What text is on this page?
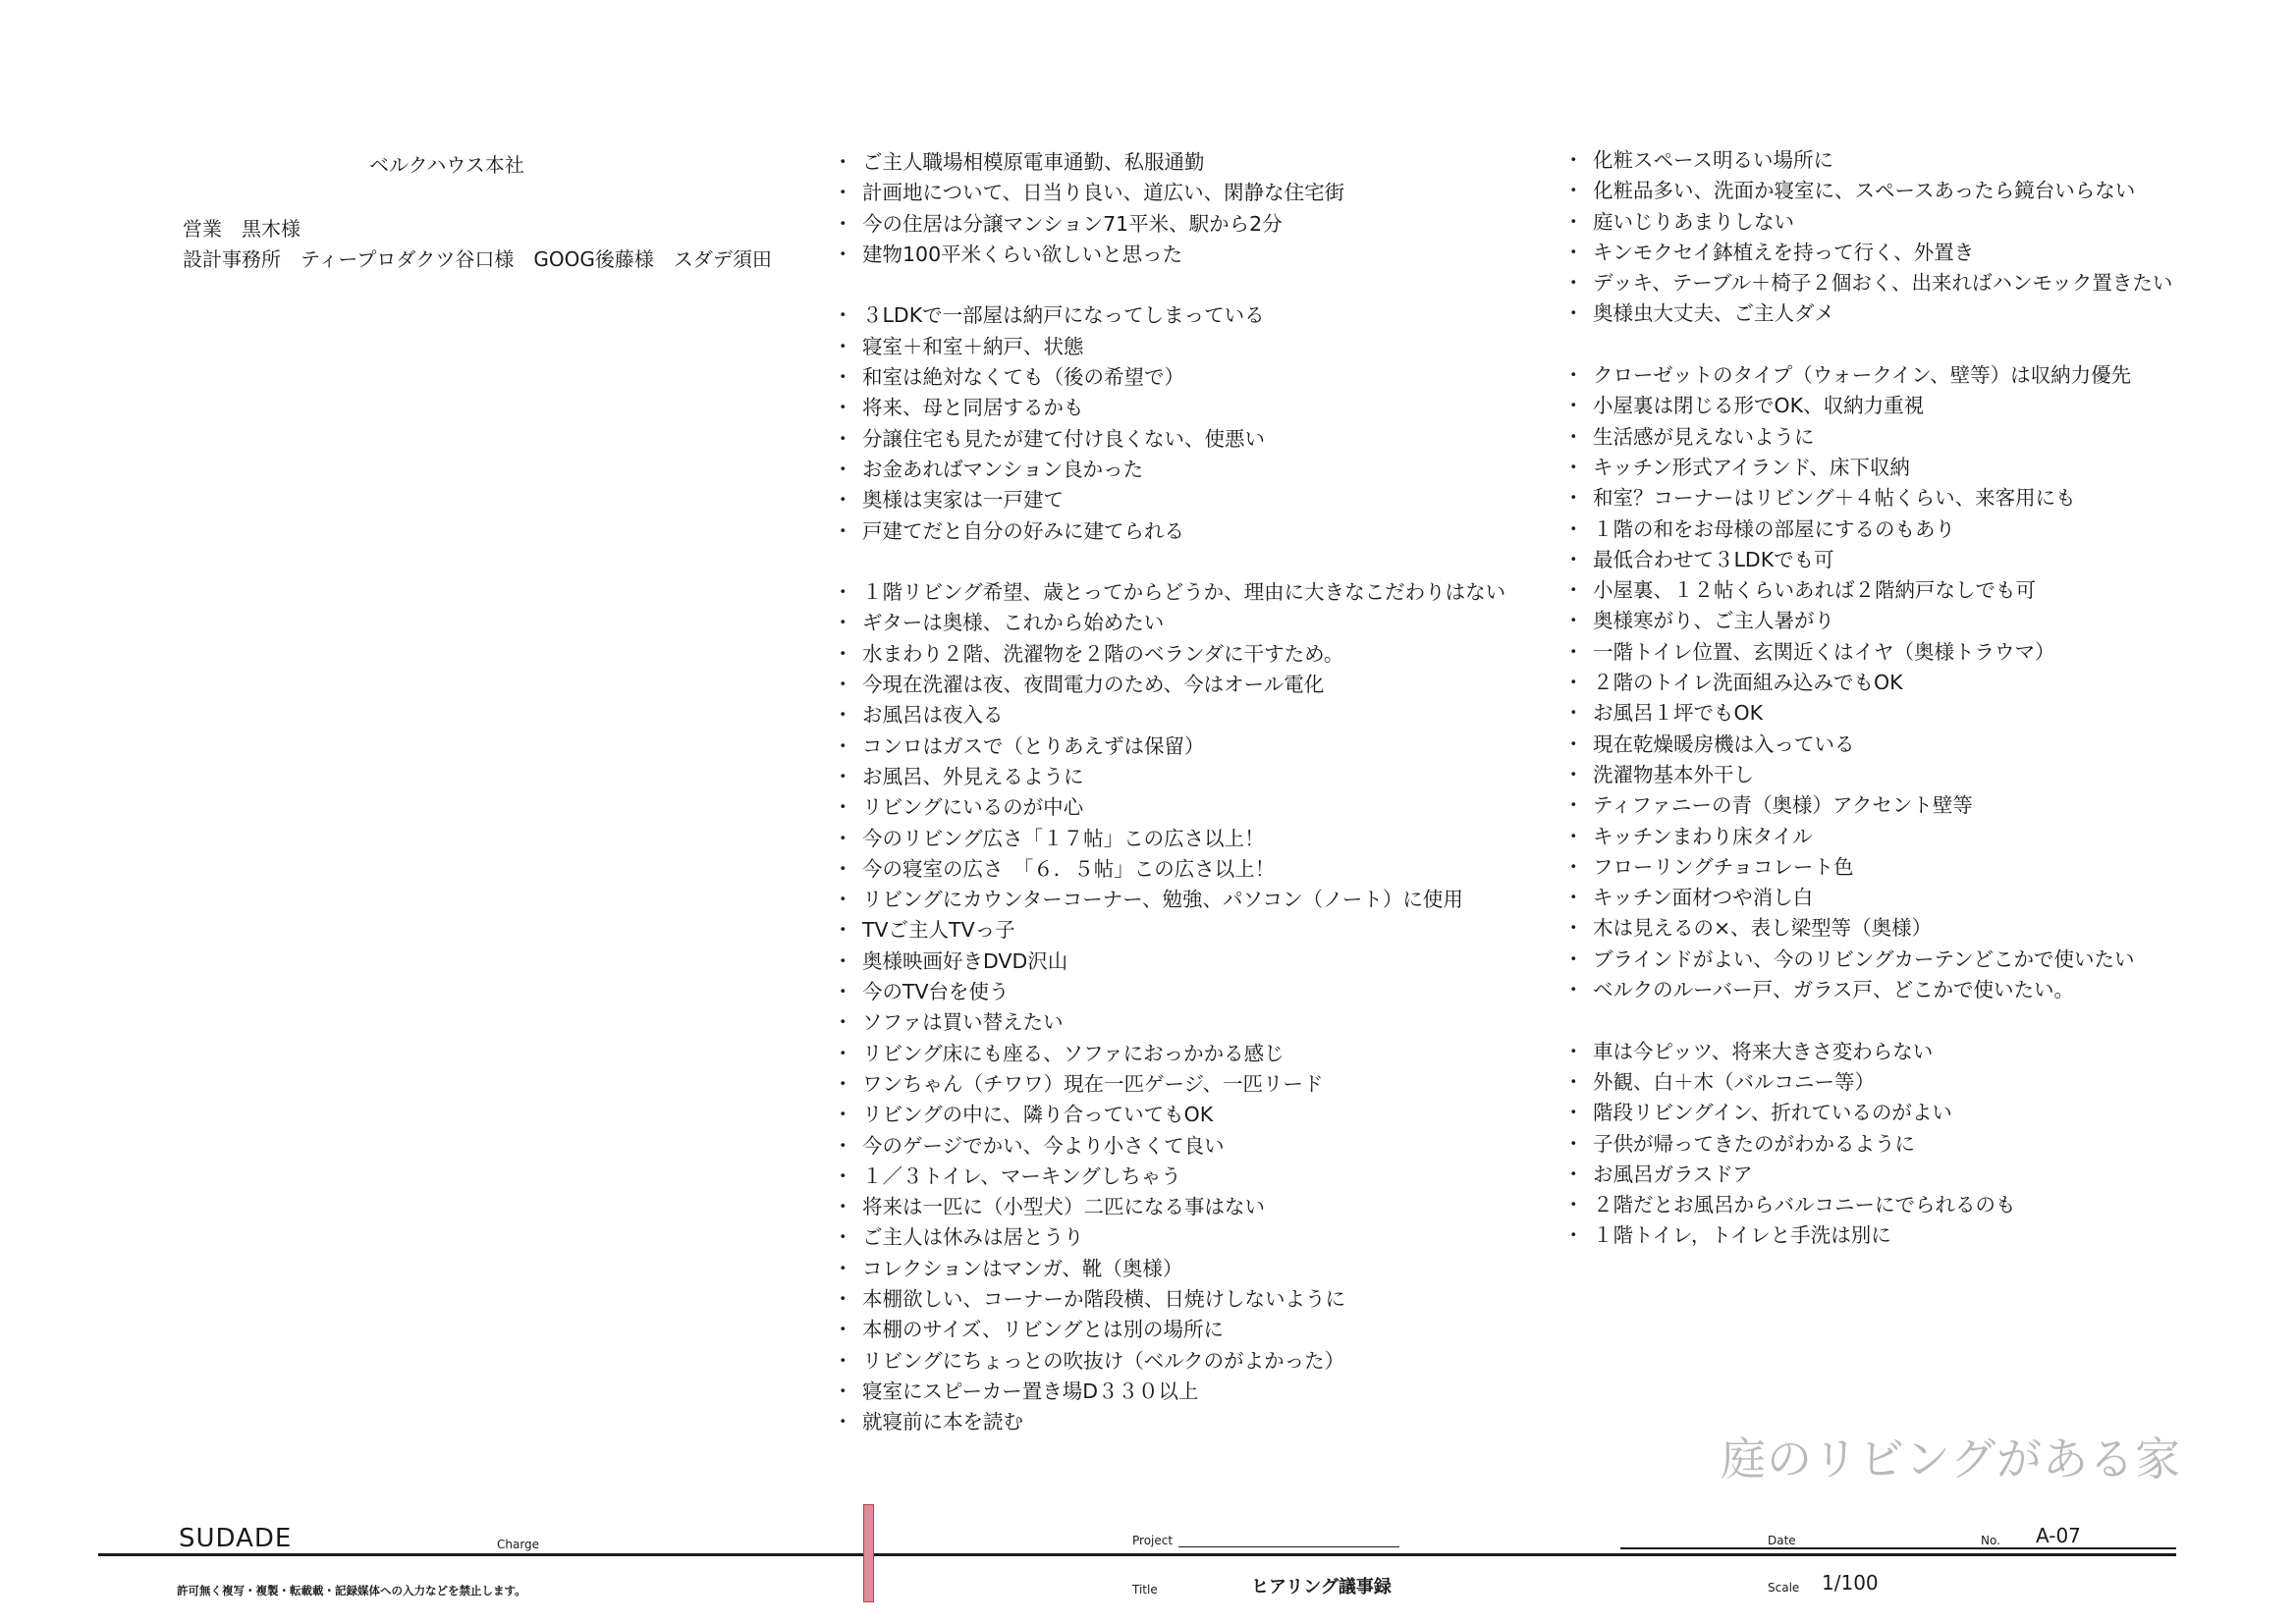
ベルクハウス本社
営業　黒木様
設計事務所　ティープロダクツ谷口様　GOOG後藤様　スダデ須田
・ ご主人職場相模原電車通勤、私服通勤
・ 計画地について、日当り良い、道広い、閑静な住宅街
・ 今の住居は分譲マンション71平米、駅から2分
・ 建物100平米くらい欲しいと思った
・ ３LDKで一部屋は納戸になってしまっている
・ 寝室＋和室＋納戸、状態
・ 和室は絶対なくても（後の希望で）
・ 将来、母と同居するかも
・ 分譲住宅も見たが建て付け良くない、使悪い
・ お金あればマンション良かった
・ 奥様は実家は一戸建て
・ 戸建てだと自分の好みに建てられる
・ １階リビング希望、歳とってからどうか、理由に大きなこだわりはない
・ ギターは奥様、これから始めたい
・ 水まわり２階、洗濯物を２階のベランダに干すため。
・ 今現在洗濯は夜、夜間電力のため、今はオール電化
・ お風呂は夜入る
・ コンロはガスで（とりあえずは保留）
・ お風呂、外見えるように
・ リビングにいるのが中心
・ 今のリビング広さ「１７帖」この広さ以上！
・ 今の寝室の広さ　「６．５帖」この広さ以上！
・ リビングにカウンターコーナー、勉強、パソコン（ノート）に使用
・ TVご主人TVっ子
・ 奥様映画好きDVD沢山
・ 今のTV台を使う
・ ソファは買い替えたい
・ リビング床にも座る、ソファにおっかかる感じ
・ ワンちゃん（チワワ）現在一匹ゲージ、一匹リード
・ リビングの中に、隣り合っていてもOK
・ 今のゲージでかい、今より小さくて良い
・ １／３トイレ、マーキングしちゃう
・ 将来は一匹に（小型犬）二匹になる事はない
・ ご主人は休みは居とうり
・ コレクションはマンガ、靴（奥様）
・ 本棚欲しい、コーナーか階段横、日焼けしないように
・ 本棚のサイズ、リビングとは別の場所に
・ リビングにちょっとの吹抜け（ベルクのがよかった）
・ 寝室にスピーカー置き場D３３０以上
・ 就寝前に本を読む
・ 化粧スペース明るい場所に
・ 化粧品多い、洗面か寝室に、スペースあったら鏡台いらない
・ 庭いじりあまりしない
・ キンモクセイ鉢植えを持って行く、外置き
・ デッキ、テーブル＋椅子２個おく、出来ればハンモック置きたい
・ 奥様虫大丈夫、ご主人ダメ
・ クローゼットのタイプ（ウォークイン、壁等）は収納力優先
・ 小屋裏は閉じる形でOK、収納力重視
・ 生活感が見えないように
・ キッチン形式アイランド、床下収納
・ 和室？コーナーはリビング＋４帖くらい、来客用にも
・ １階の和をお母様の部屋にするのもあり
・ 最低合わせて３LDKでも可
・ 小屋裏、１２帖くらいあれば２階納戸なしでも可
・ 奥様寒がり、ご主人暑がり
・ 一階トイレ位置、玄関近くはイヤ（奥様トラウマ）
・ ２階のトイレ洗面組み込みでもOK
・ お風呂１坪でもOK
・ 現在乾燥暖房機は入っている
・ 洗濯物基本外干し
・ ティファニーの青（奥様）アクセント壁等
・ キッチンまわり床タイル
・ フローリングチョコレート色
・ キッチン面材つや消し白
・ 木は見えるの×、表し梁型等（奥様）
・ ブラインドがよい、今のリビングカーテンどこかで使いたい
・ ベルクのルーバー戸、ガラス戸、どこかで使いたい。
・ 車は今ピッツ、将来大きさ変わらない
・ 外観、白＋木（バルコニー等）
・ 階段リビングイン、折れているのがよい
・ 子供が帰ってきたのがわかるように
・ お風呂ガラスドア
・ ２階だとお風呂からバルコニーにでられるのも
・ １階トイレ，トイレと手洗は別に
庭のリビングがある家
SUDADE	Charge	Project	Date	No. A-07
Title	ヒアリング議事録	Scale 1/100
許可無く複写・複製・転載載・記録媒体への入力などを禁止します。
